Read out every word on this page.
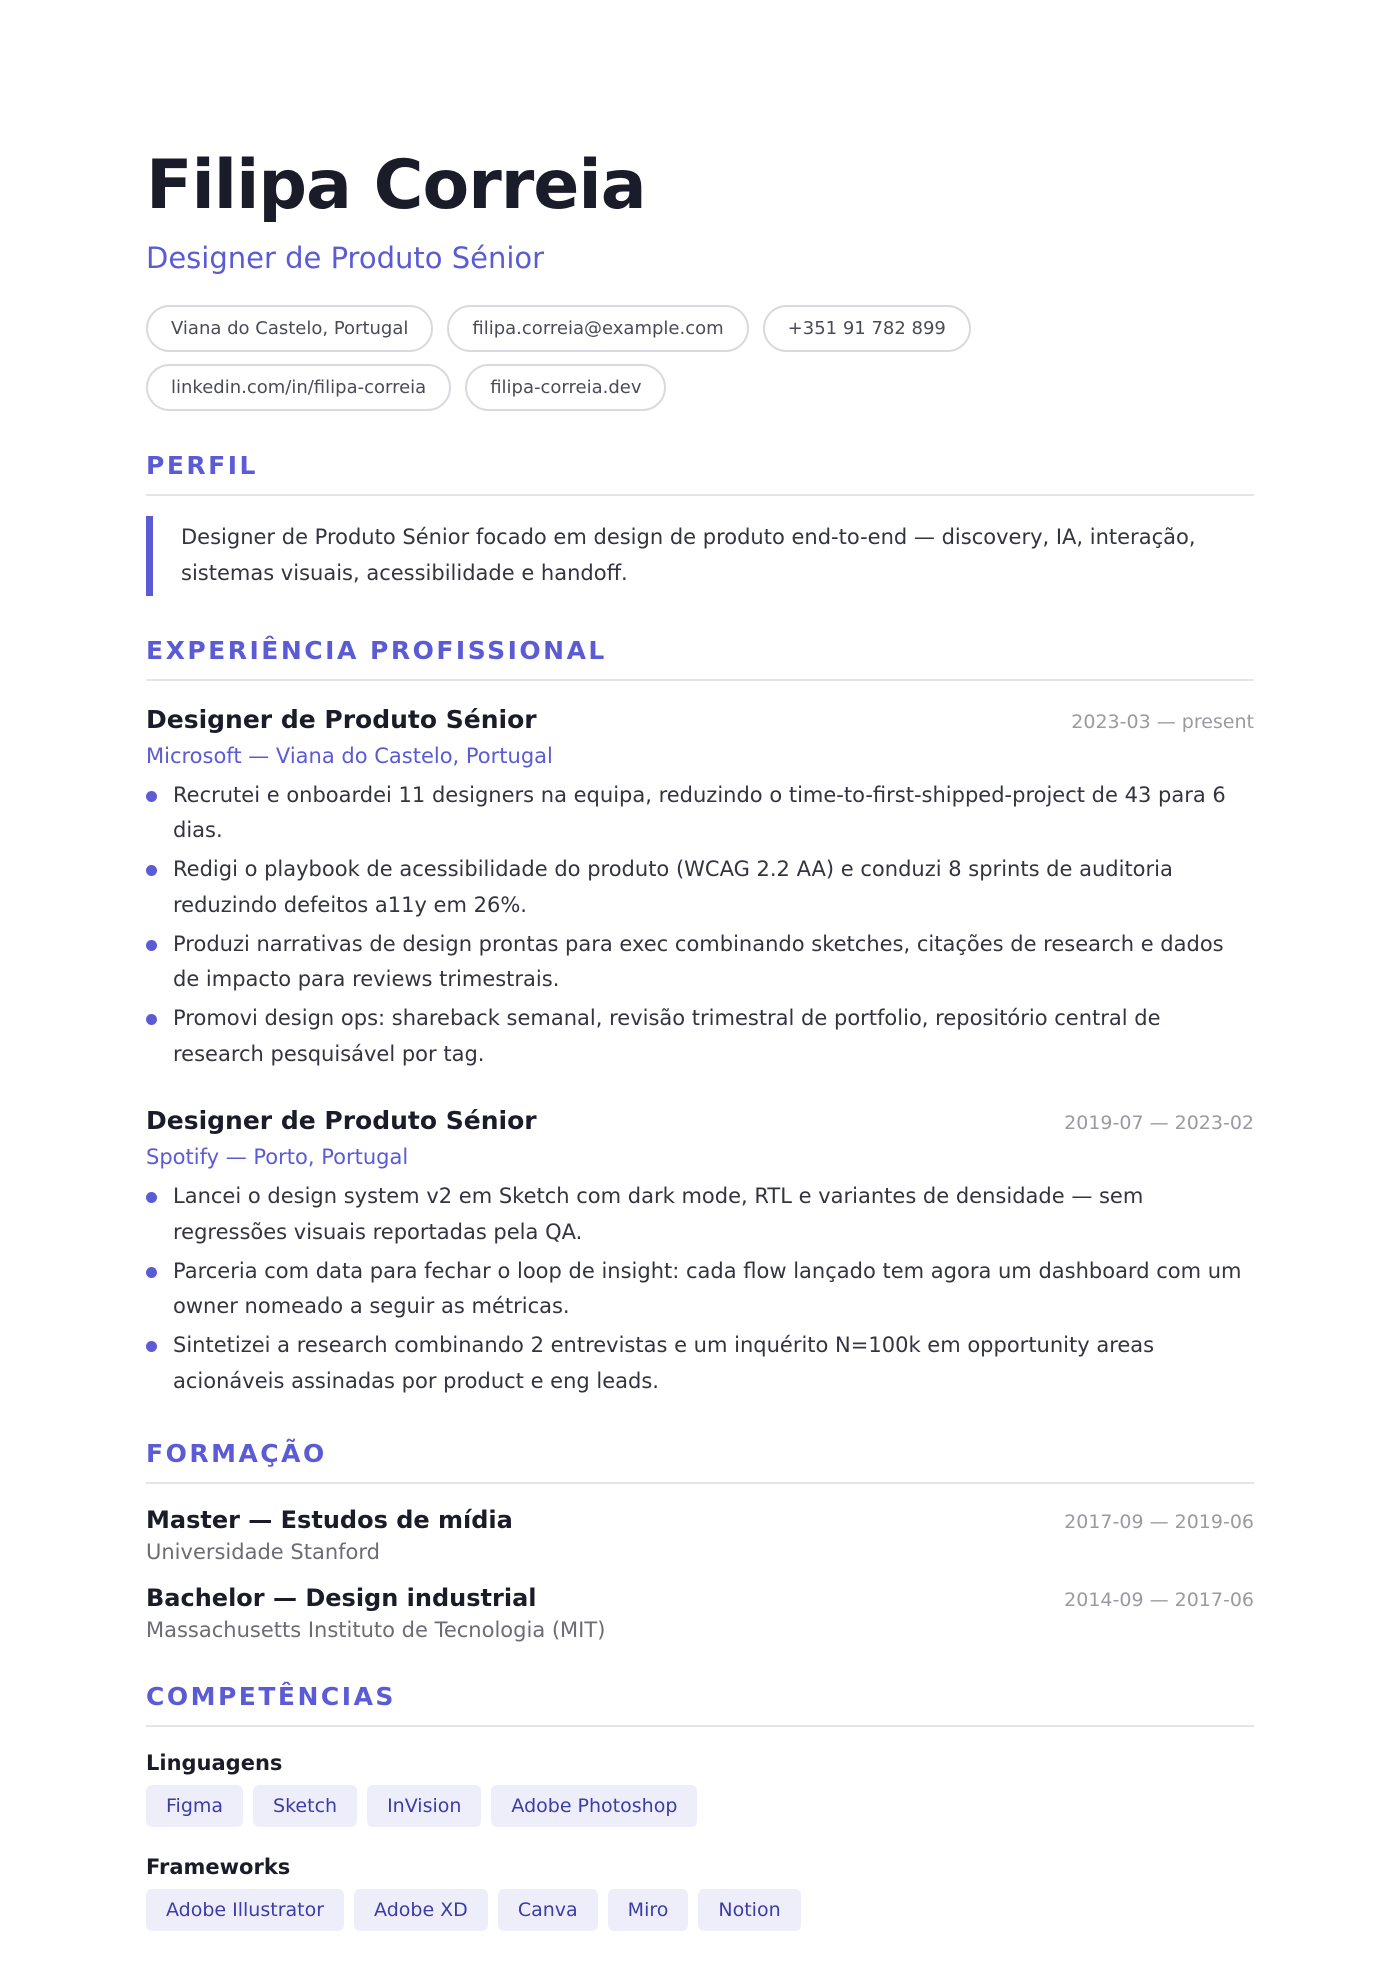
Filipa Correia
Designer de Produto Sénior
Viana do Castelo, Portugal	filipa.correia@example.com	+351 91 782 899
linkedin.com/in/filipa-correia	filipa-correia.dev
PERFIL
Designer de Produto Sénior focado em design de produto end-to-end — discovery, IA, interação, sistemas visuais, acessibilidade e handoff.
EXPERIÊNCIA PROFISSIONAL
Designer de Produto Sénior	2023-03 — present
Microsoft — Viana do Castelo, Portugal
Recrutei e onboardei 11 designers na equipa, reduzindo o time-to-first-shipped-project de 43 para 6 dias.
Redigi o playbook de acessibilidade do produto (WCAG 2.2 AA) e conduzi 8 sprints de auditoria reduzindo defeitos a11y em 26%.
Produzi narrativas de design prontas para exec combinando sketches, citações de research e dados de impacto para reviews trimestrais.
Promovi design ops: shareback semanal, revisão trimestral de portfolio, repositório central de research pesquisável por tag.
Designer de Produto Sénior	2019-07 — 2023-02
Spotify — Porto, Portugal
Lancei o design system v2 em Sketch com dark mode, RTL e variantes de densidade — sem regressões visuais reportadas pela QA.
Parceria com data para fechar o loop de insight: cada flow lançado tem agora um dashboard com um owner nomeado a seguir as métricas.
Sintetizei a research combinando 2 entrevistas e um inquérito N=100k em opportunity areas acionáveis assinadas por product e eng leads.
FORMAÇÃO
Master — Estudos de mídia	2017-09 — 2019-06
Universidade Stanford
Bachelor — Design industrial	2014-09 — 2017-06
Massachusetts Instituto de Tecnologia (MIT)
COMPETÊNCIAS
Linguagens
Figma	Sketch	InVision	Adobe Photoshop
Frameworks
Adobe Illustrator	Adobe XD	Canva	Miro	Notion
